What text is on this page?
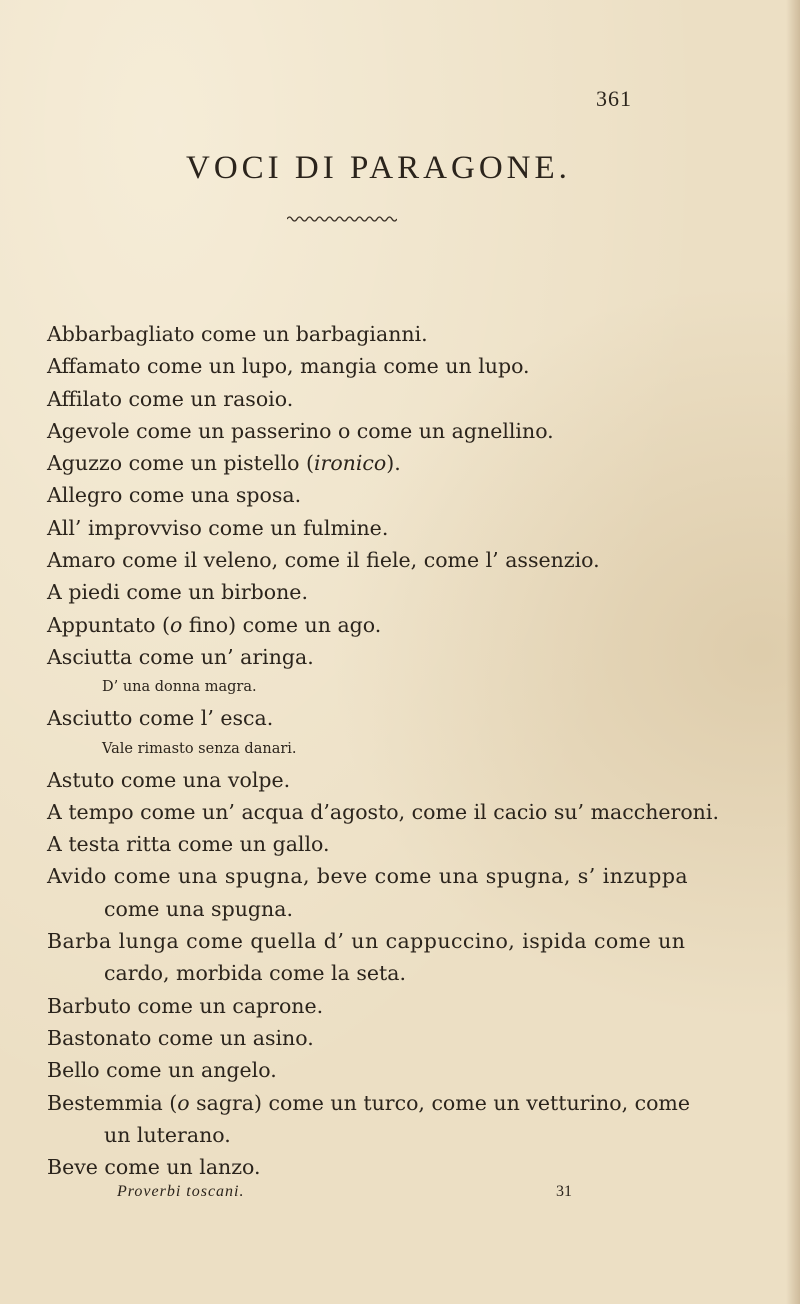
361
VOCI DI PARAGONE.
Abbarbagliato come un barbagianni.
Affamato come un lupo, mangia come un lupo.
Affilato come un rasoio.
Agevole come un passerino o come un agnellino.
Aguzzo come un pistello (ironico).
Allegro come una sposa.
All’ improvviso come un fulmine.
Amaro come il veleno, come il fiele, come l’ assenzio.
A piedi come un birbone.
Appuntato (o fino) come un ago.
Asciutta come un’ aringa.
D’ una donna magra.
Asciutto come l’ esca.
Vale rimasto senza danari.
Astuto come una volpe.
A tempo come un’ acqua d’agosto, come il cacio su’ maccheroni.
A testa ritta come un gallo.
Avido come una spugna, beve come una spugna, s’ inzuppa
come una spugna.
Barba lunga come quella d’ un cappuccino, ispida come un
cardo, morbida come la seta.
Barbuto come un caprone.
Bastonato come un asino.
Bello come un angelo.
Bestemmia (o sagra) come un turco, come un vetturino, come
un luterano.
Beve come un lanzo.
Proverbi toscani.	31
